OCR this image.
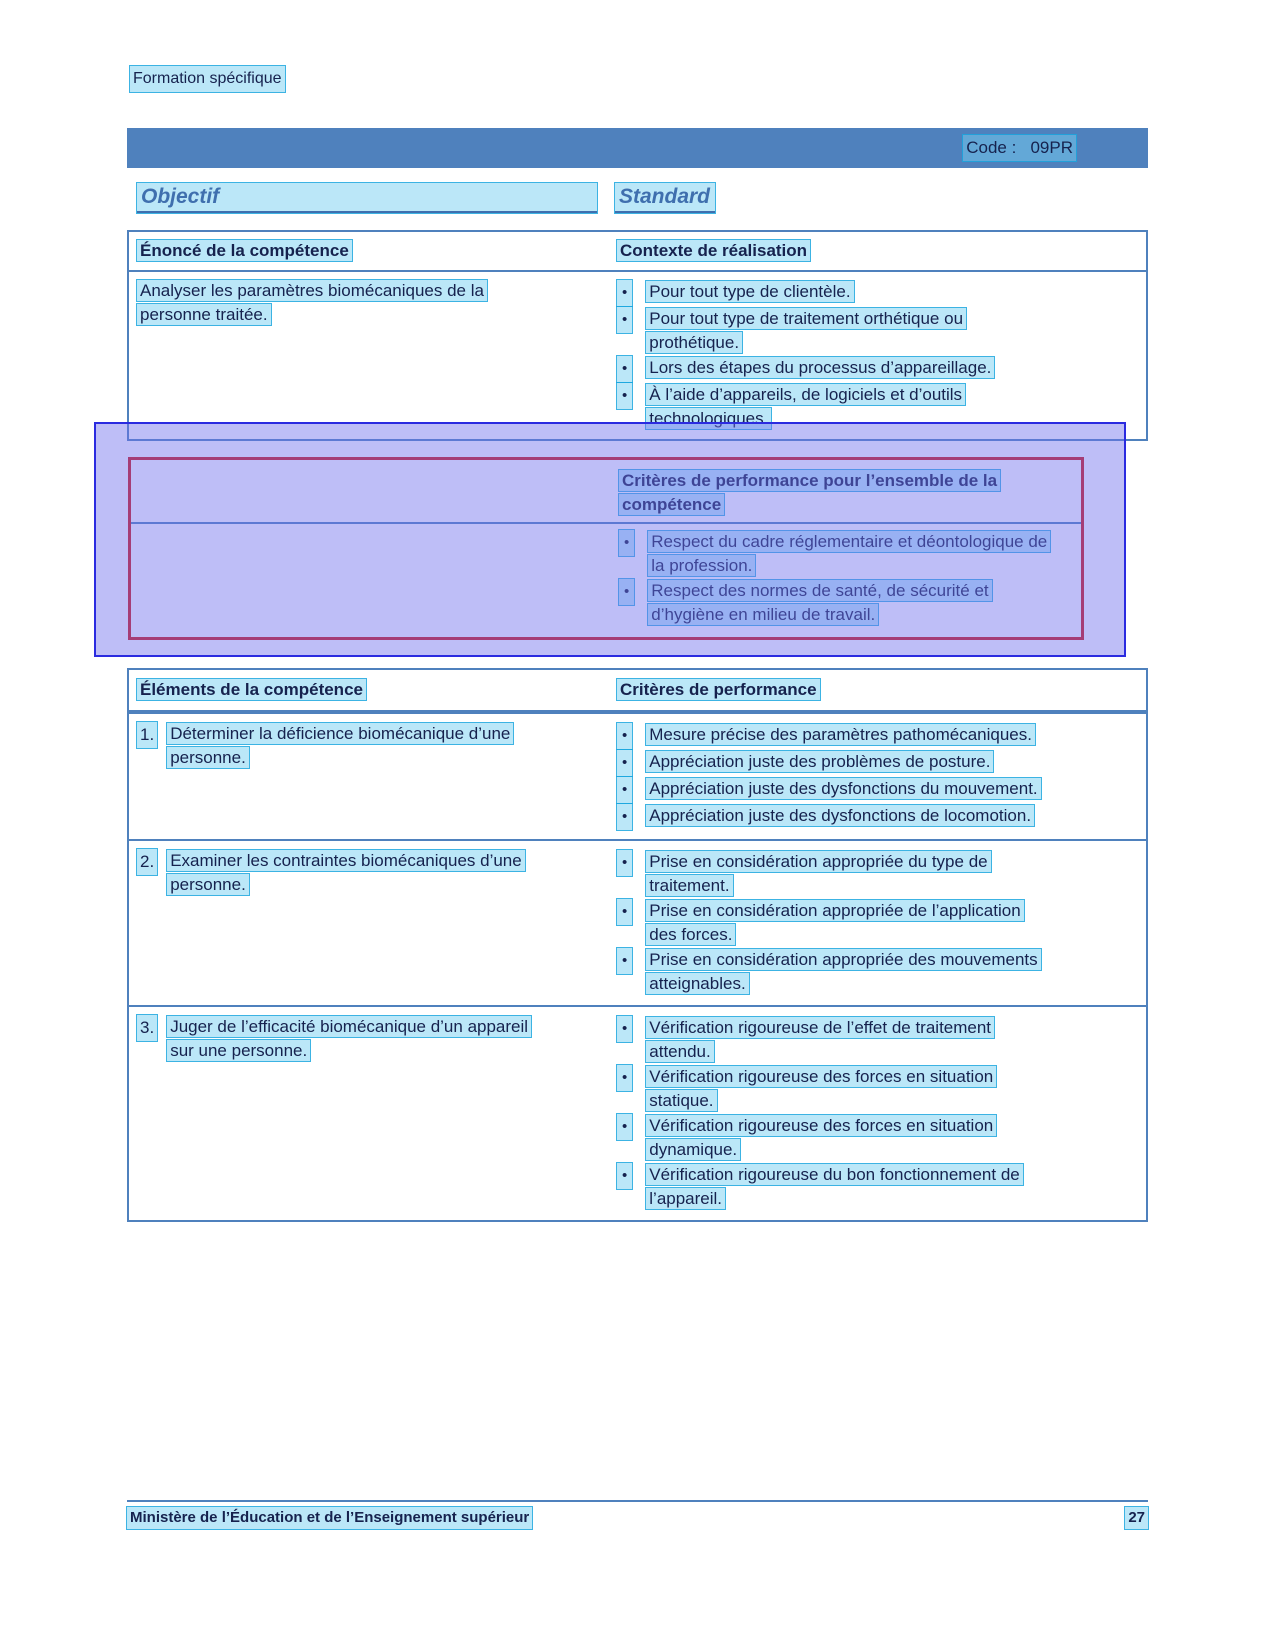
Formation spécifique
Code :   09PR
Objectif	Standard
Énoncé de la compétence	Contexte de réalisation
Analyser les paramètres biomécaniques de la personne traitée.
• Pour tout type de clientèle.
• Pour tout type de traitement orthétique ou prothétique.
• Lors des étapes du processus d’appareillage.
• À l’aide d’appareils, de logiciels et d’outils technologiques.
Critères de performance pour l’ensemble de la compétence
• Respect du cadre réglementaire et déontologique de la profession.
• Respect des normes de santé, de sécurité et d’hygiène en milieu de travail.
Éléments de la compétence	Critères de performance
1. Déterminer la déficience biomécanique d’une personne.
• Mesure précise des paramètres pathomécaniques.
• Appréciation juste des problèmes de posture.
• Appréciation juste des dysfonctions du mouvement.
• Appréciation juste des dysfonctions de locomotion.
2. Examiner les contraintes biomécaniques d’une personne.
• Prise en considération appropriée du type de traitement.
• Prise en considération appropriée de l’application des forces.
• Prise en considération appropriée des mouvements atteignables.
3. Juger de l’efficacité biomécanique d’un appareil sur une personne.
• Vérification rigoureuse de l’effet de traitement attendu.
• Vérification rigoureuse des forces en situation statique.
• Vérification rigoureuse des forces en situation dynamique.
• Vérification rigoureuse du bon fonctionnement de l’appareil.
Ministère de l’Éducation et de l’Enseignement supérieur	27
